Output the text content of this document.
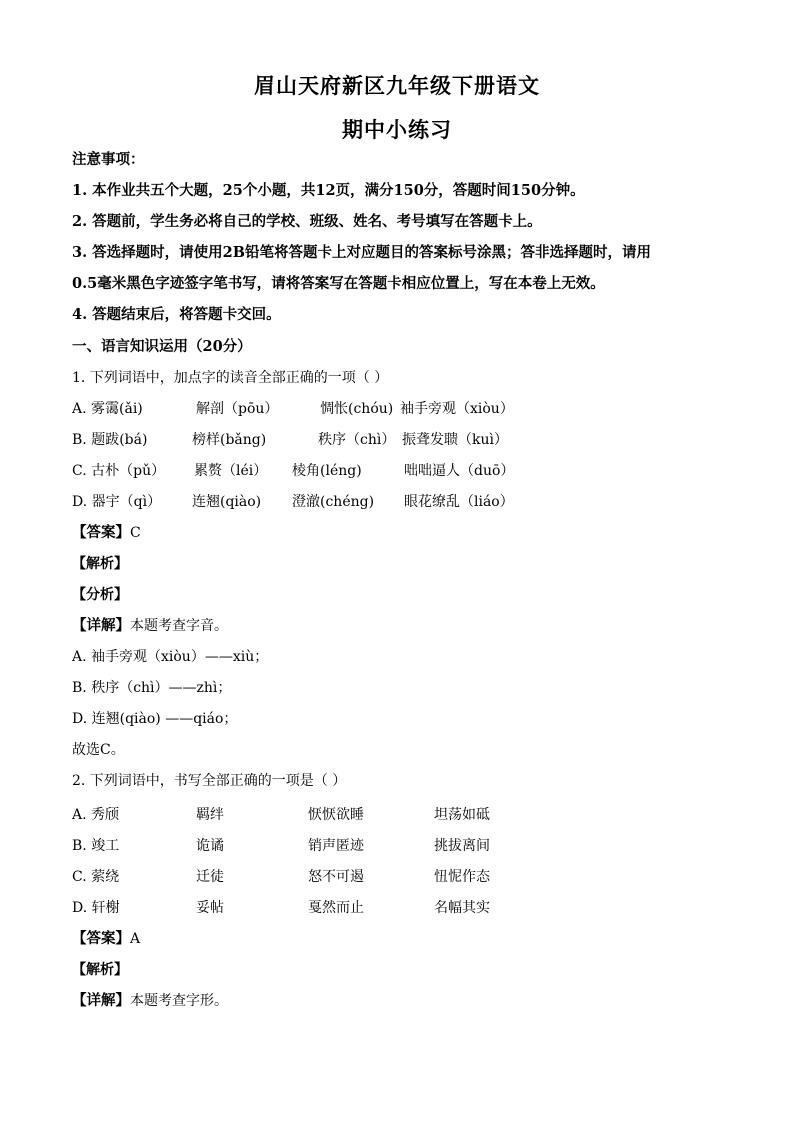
眉山天府新区九年级下册语文
期中小练习
注意事项：
1. 本作业共五个大题，25个小题，共12页，满分150分，答题时间150分钟。
2. 答题前，学生务必将自己的学校、班级、姓名、考号填写在答题卡上。
3. 答选择题时，请使用2B铅笔将答题卡上对应题目的答案标号涂黑；答非选择题时，请用
0.5毫米黑色字迹签字笔书写，请将答案写在答题卡相应位置上，写在本卷上无效。
4. 答题结束后，将答题卡交回。
一、语言知识运用（20分）
1. 下列词语中，加点字的读音全部正确的一项（ ）
A. 雾霭(ǎi)	解剖（pōu）	惆怅(chóu) 袖手旁观（xiòu）
B. 题跋(bá)	榜样(bǎng)	秩序（chì） 振聋发聩（kuì）
C. 古朴（pǔ） 累赘（léi） 棱角(léng)	咄咄逼人（duō）
D. 器宇（qì） 连翘(qiào) 澄澈(chéng) 眼花缭乱（liáo）
【答案】C
【解析】
【分析】
【详解】本题考查字音。
A. 袖手旁观（xiòu）——xiù；
B. 秩序（chì）——zhì；
D. 连翘(qiào) ——qiáo；
故选C。
2. 下列词语中，书写全部正确的一项是（ ）
A. 秀颀	羁绊	恹恹欲睡	坦荡如砥
B. 竣工	诡谲	销声匿迹	挑拔离间
C. 萦绕	迁徒	怒不可遏	忸怩作态
D. 轩榭	妥帖	戛然而止	名幅其实
【答案】A
【解析】
【详解】本题考查字形。
